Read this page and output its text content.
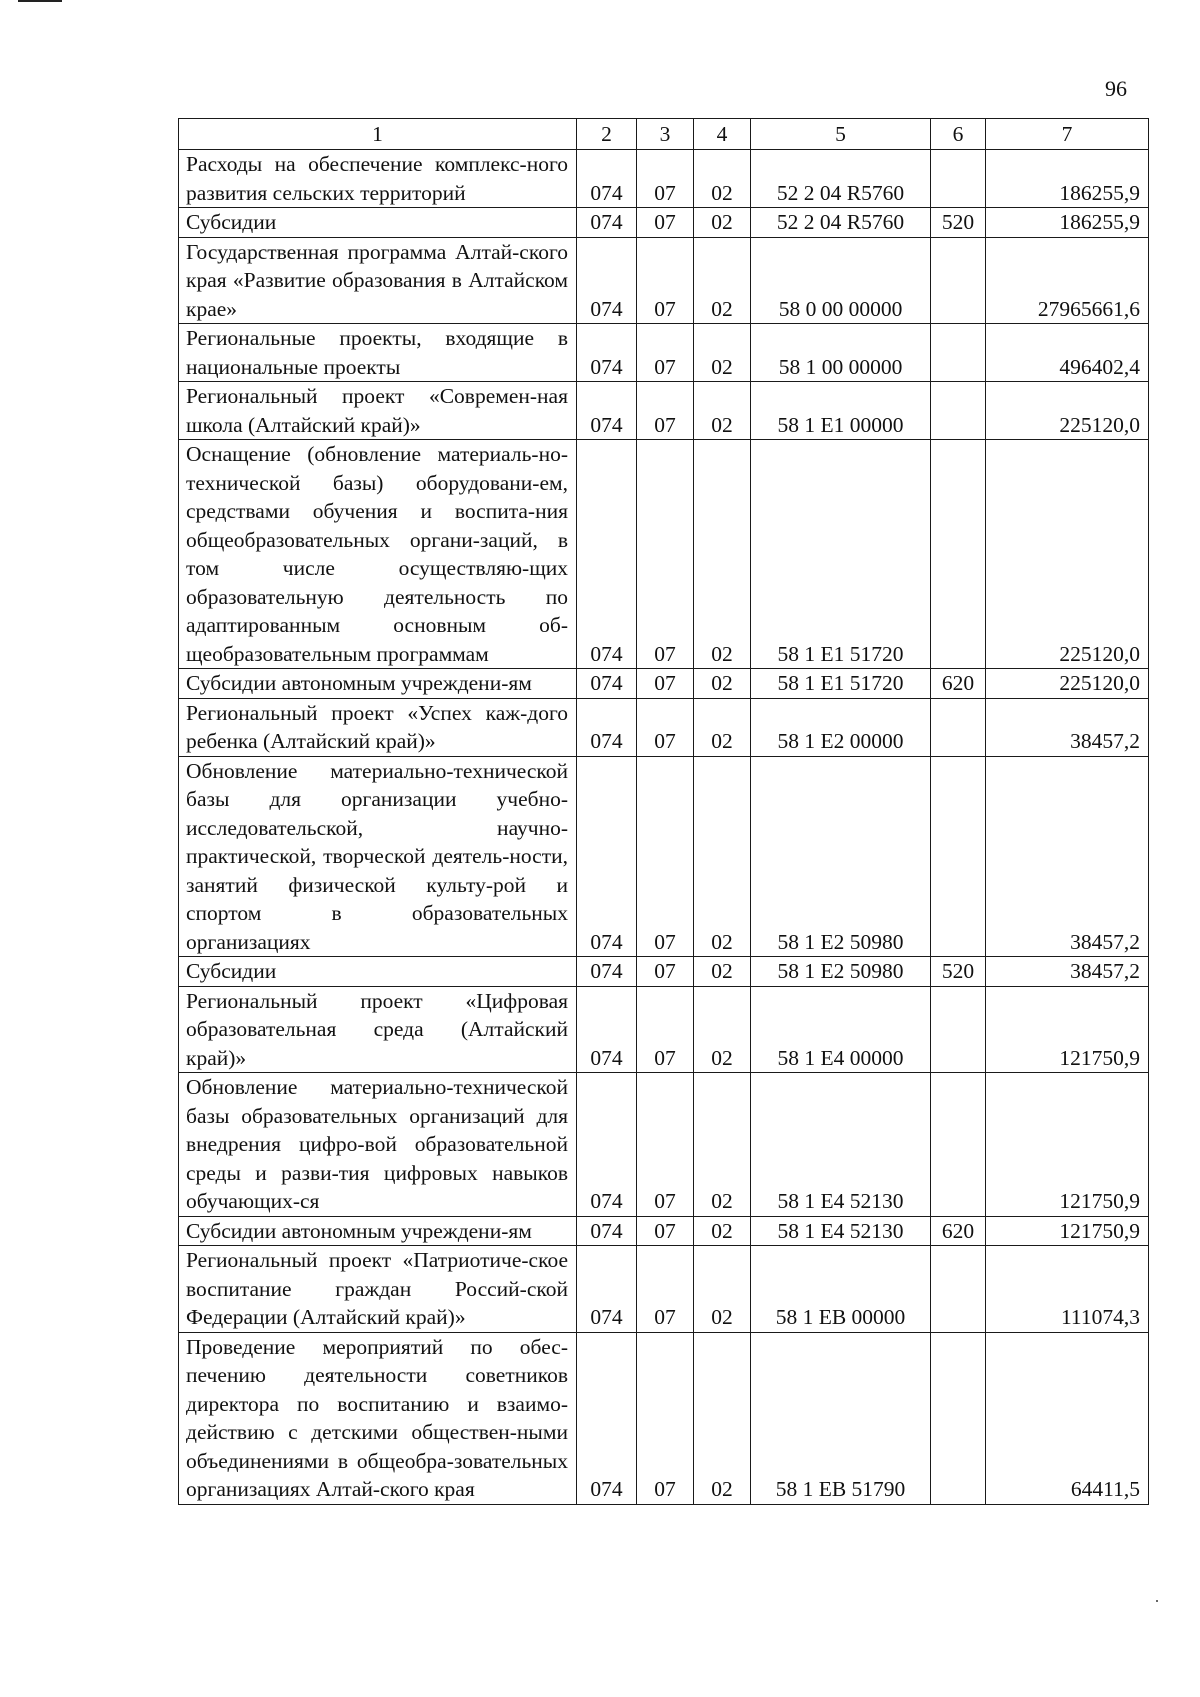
96
1	2	3	4	5	6	7
Расходы на обеспечение комплекс-ного развития сельских территорий	074	07	02	52 2 04 R5760		186255,9
Субсидии	074	07	02	52 2 04 R5760	520	186255,9
Государственная программа Алтай-ского края «Развитие образования в Алтайском крае»	074	07	02	58 0 00 00000		27965661,6
Региональные проекты, входящие в национальные проекты	074	07	02	58 1 00 00000		496402,4
Региональный проект «Современ-ная школа (Алтайский край)»	074	07	02	58 1 E1 00000		225120,0
Оснащение (обновление материаль-но-технической базы) оборудовани-ем, средствами обучения и воспита-ния общеобразовательных органи-заций, в том числе осуществляю-щих образовательную деятельность по адаптированным основным об-щеобразовательным программам	074	07	02	58 1 E1 51720		225120,0
Субсидии автономным учреждени-ям	074	07	02	58 1 E1 51720	620	225120,0
Региональный проект «Успех каж-дого ребенка (Алтайский край)»	074	07	02	58 1 E2 00000		38457,2
Обновление материально-технической базы для организации учебно-исследовательской, научно-практической, творческой деятель-ности, занятий физической культу-рой и спортом в образовательных организациях	074	07	02	58 1 E2 50980		38457,2
Субсидии	074	07	02	58 1 E2 50980	520	38457,2
Региональный проект «Цифровая образовательная среда (Алтайский край)»	074	07	02	58 1 E4 00000		121750,9
Обновление материально-технической базы образовательных организаций для внедрения цифро-вой образовательной среды и разви-тия цифровых навыков обучающих-ся	074	07	02	58 1 E4 52130		121750,9
Субсидии автономным учреждени-ям	074	07	02	58 1 E4 52130	620	121750,9
Региональный проект «Патриотиче-ское воспитание граждан Россий-ской Федерации (Алтайский край)»	074	07	02	58 1 EB 00000		111074,3
Проведение мероприятий по обес-печению деятельности советников директора по воспитанию и взаимо-действию с детскими обществен-ными объединениями в общеобра-зовательных организациях Алтай-ского края	074	07	02	58 1 EB 51790		64411,5
